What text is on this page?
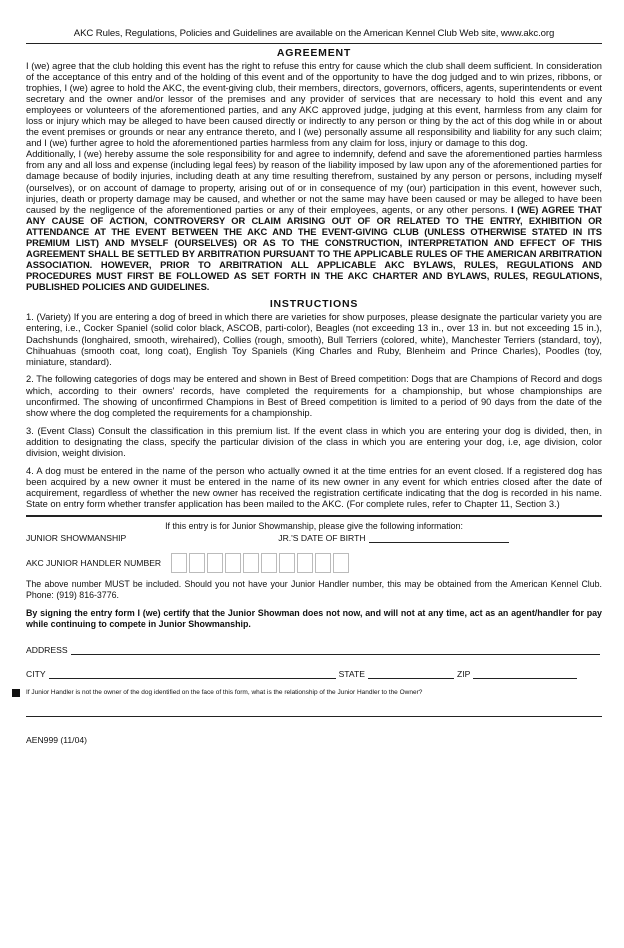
AKC Rules, Regulations, Policies and Guidelines are available on the American Kennel Club Web site, www.akc.org
AGREEMENT

I (we) agree that the club holding this event has the right to refuse this entry for cause which the club shall deem sufficient. In consideration of the acceptance of this entry and of the holding of this event and of the opportunity to have the dog judged and to win prizes, ribbons, or trophies, I (we) agree to hold the AKC, the event-giving club, their members, directors, governors, officers, agents, superintendents or event secretary and the owner and/or lessor of the premises and any provider of services that are necessary to hold this event and any employees or volunteers of the aforementioned parties, and any AKC approved judge, judging at this event, harmless from any claim for loss or injury which may be alleged to have been caused directly or indirectly to any person or thing by the act of this dog while in or about the event premises or grounds or near any entrance thereto, and I (we) personally assume all responsibility and liability for any such claim; and I (we) further agree to hold the aforementioned parties harmless from any claim for loss, injury or damage to this dog.

Additionally, I (we) hereby assume the sole responsibility for and agree to indemnify, defend and save the aforementioned parties harmless from any and all loss and expense (including legal fees) by reason of the liability imposed by law upon any of the aforementioned parties for damage because of bodily injuries, including death at any time resulting therefrom, sustained by any person or persons, including myself (ourselves), or on account of damage to property, arising out of or in consequence of my (our) participation in this event, however such, injuries, death or property damage may be caused, and whether or not the same may have been caused or may be alleged to have been caused by the negligence of the aforementioned parties or any of their employees, agents, or any other persons. I (WE) AGREE THAT ANY CAUSE OF ACTION, CONTROVERSY OR CLAIM ARISING OUT OF OR RELATED TO THE ENTRY, EXHIBITION OR ATTENDANCE AT THE EVENT BETWEEN THE AKC AND THE EVENT-GIVING CLUB (UNLESS OTHERWISE STATED IN ITS PREMIUM LIST) AND MYSELF (OURSELVES) OR AS TO THE CONSTRUCTION, INTERPRETATION AND EFFECT OF THIS AGREEMENT SHALL BE SETTLED BY ARBITRATION PURSUANT TO THE APPLICABLE RULES OF THE AMERICAN ARBITRATION ASSOCIATION. HOWEVER, PRIOR TO ARBITRATION ALL APPLICABLE AKC BYLAWS, RULES, REGULATIONS AND PROCEDURES MUST FIRST BE FOLLOWED AS SET FORTH IN THE AKC CHARTER AND BYLAWS, RULES, REGULATIONS, PUBLISHED POLICIES AND GUIDELINES.

INSTRUCTIONS

1. (Variety) If you are entering a dog of breed in which there are varieties for show purposes, please designate the particular variety you are entering, i.e., Cocker Spaniel (solid color black, ASCOB, parti-color), Beagles (not exceeding 13 in., over 13 in. but not exceeding 15 in.), Dachshunds (longhaired, smooth, wirehaired), Collies (rough, smooth), Bull Terriers (colored, white), Manchester Terriers (standard, toy), Chihuahuas (smooth coat, long coat), English Toy Spaniels (King Charles and Ruby, Blenheim and Prince Charles), Poodles (toy, miniature, standard).

2. The following categories of dogs may be entered and shown in Best of Breed competition: Dogs that are Champions of Record and dogs which, according to their owners' records, have completed the requirements for a championship, but whose championships are unconfirmed. The showing of unconfirmed Champions in Best of Breed competition is limited to a period of 90 days from the date of the show where the dog completed the requirements for a championship.

3. (Event Class) Consult the classification in this premium list. If the event class in which you are entering your dog is divided, then, in addition to designating the class, specify the particular division of the class in which you are entering your dog, i.e, age division, color division, weight division.

4. A dog must be entered in the name of the person who actually owned it at the time entries for an event closed. If a registered dog has been acquired by a new owner it must be entered in the name of its new owner in any event for which entries closed after the date of acquirement, regardless of whether the new owner has received the registration certificate indicating that the dog is recorded in his name. State on entry form whether transfer application has been mailed to the AKC. (For complete rules, refer to Chapter 11, Section 3.)

If this entry is for Junior Showmanship, please give the following information:
JUNIOR SHOWMANSHIP	JR.'S DATE OF BIRTH
AKC JUNIOR HANDLER NUMBER
The above number MUST be included. Should you not have your Junior Handler number, this may be obtained from the American Kennel Club. Phone: (919) 816-3776.
By signing the entry form I (we) certify that the Junior Showman does not now, and will not at any time, act as an agent/handler for pay while continuing to compete in Junior Showmanship.
ADDRESS
CITY	STATE	ZIP
If Junior Handler is not the owner of the dog identified on the face of this form, what is the relationship of the Junior Handler to the Owner?
AEN999 (11/04)
